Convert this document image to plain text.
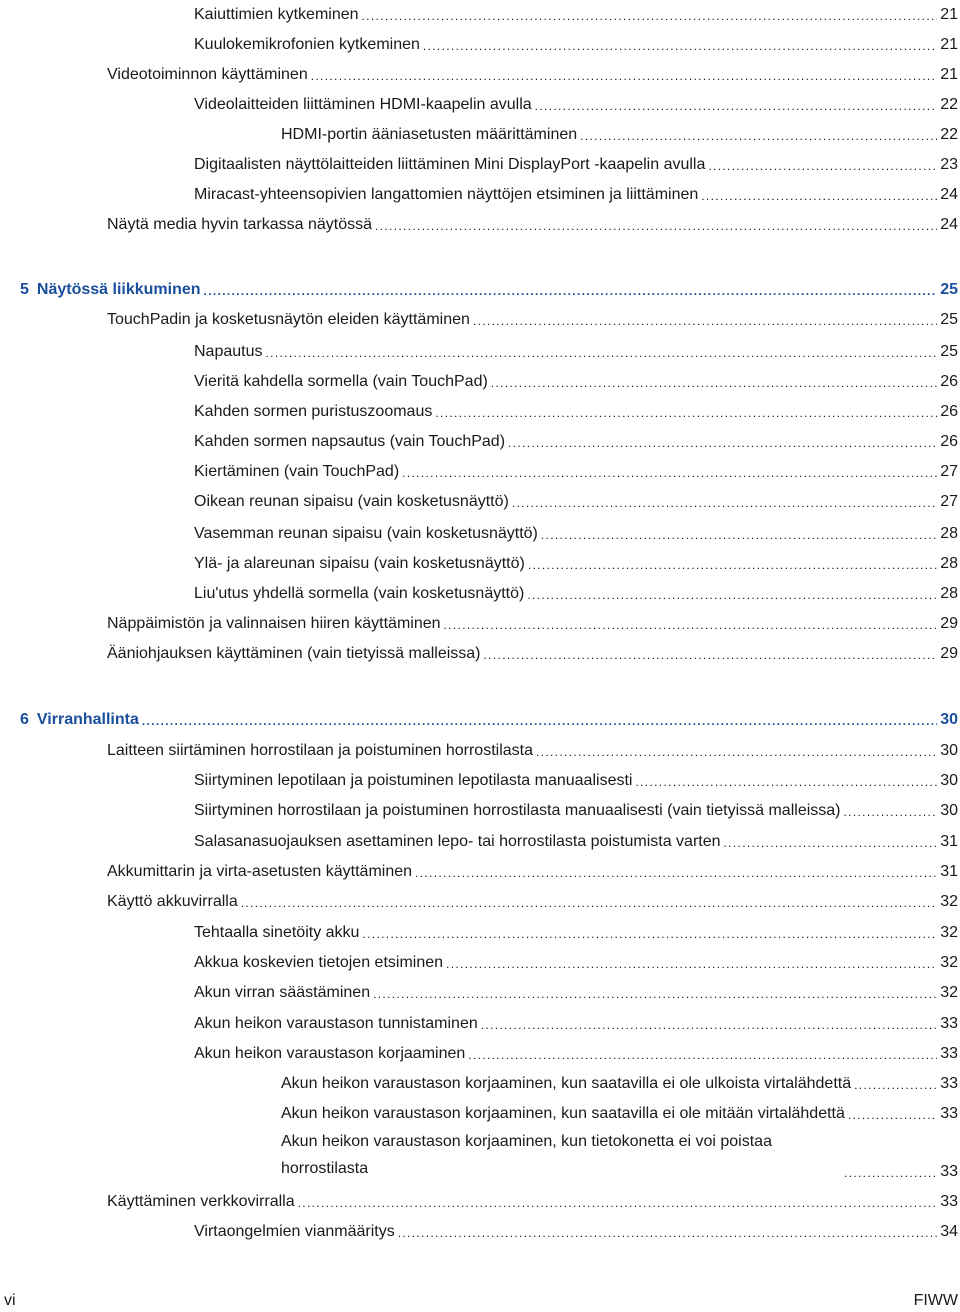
Kaiuttimien kytkeminen . . .	21
Kuulokemikrofonien kytkeminen . . .	21
Videotoiminnon käyttäminen . . .	21
Videolaitteiden liittäminen HDMI-kaapelin avulla . . .	22
HDMI-portin ääniasetusten määrittäminen . . .	22
Digitaalisten näyttölaitteiden liittäminen Mini DisplayPort -kaapelin avulla . . .	23
Miracast-yhteensopivien langattomien näyttöjen etsiminen ja liittäminen . . .	24
Näytä media hyvin tarkassa näytössä . . .	24
5 Näytössä liikkuminen . . .	25
TouchPadin ja kosketusnäytön eleiden käyttäminen . . .	25
Napautus . . .	25
Vieritä kahdella sormella (vain TouchPad) . . .	26
Kahden sormen puristuszoomaus . . .	26
Kahden sormen napsautus (vain TouchPad) . . .	26
Kiertäminen (vain TouchPad) . . .	27
Oikean reunan sipaisu (vain kosketusnäyttö) . . .	27
Vasemman reunan sipaisu (vain kosketusnäyttö) . . .	28
Ylä- ja alareunan sipaisu (vain kosketusnäyttö) . . .	28
Liu'utus yhdellä sormella (vain kosketusnäyttö) . . .	28
Näppäimistön ja valinnaisen hiiren käyttäminen . . .	29
Ääniohjauksen käyttäminen (vain tietyissä malleissa) . . .	29
6 Virranhallinta . . .	30
Laitteen siirtäminen horrostilaan ja poistuminen horrostilasta . . .	30
Siirtyminen lepotilaan ja poistuminen lepotilasta manuaalisesti . . .	30
Siirtyminen horrostilaan ja poistuminen horrostilasta manuaalisesti (vain tietyissä malleissa) . . .	30
Salasanasuojauksen asettaminen lepo- tai horrostilasta poistumista varten . . .	31
Akkumittarin ja virta-asetusten käyttäminen . . .	31
Käyttö akkuvirralla . . .	32
Tehtaalla sinetöity akku . . .	32
Akkua koskevien tietojen etsiminen . . .	32
Akun virran säästäminen . . .	32
Akun heikon varaustason tunnistaminen . . .	33
Akun heikon varaustason korjaaminen . . .	33
Akun heikon varaustason korjaaminen, kun saatavilla ei ole ulkoista virtalähdettä . . .	33
Akun heikon varaustason korjaaminen, kun saatavilla ei ole mitään virtalähdettä . . .	33
Akun heikon varaustason korjaaminen, kun tietokonetta ei voi poistaa horrostilasta . . .	33
Käyttäminen verkkovirralla . . .	33
Virtaongelmien vianmääritys . . .	34
vi	FIWW
